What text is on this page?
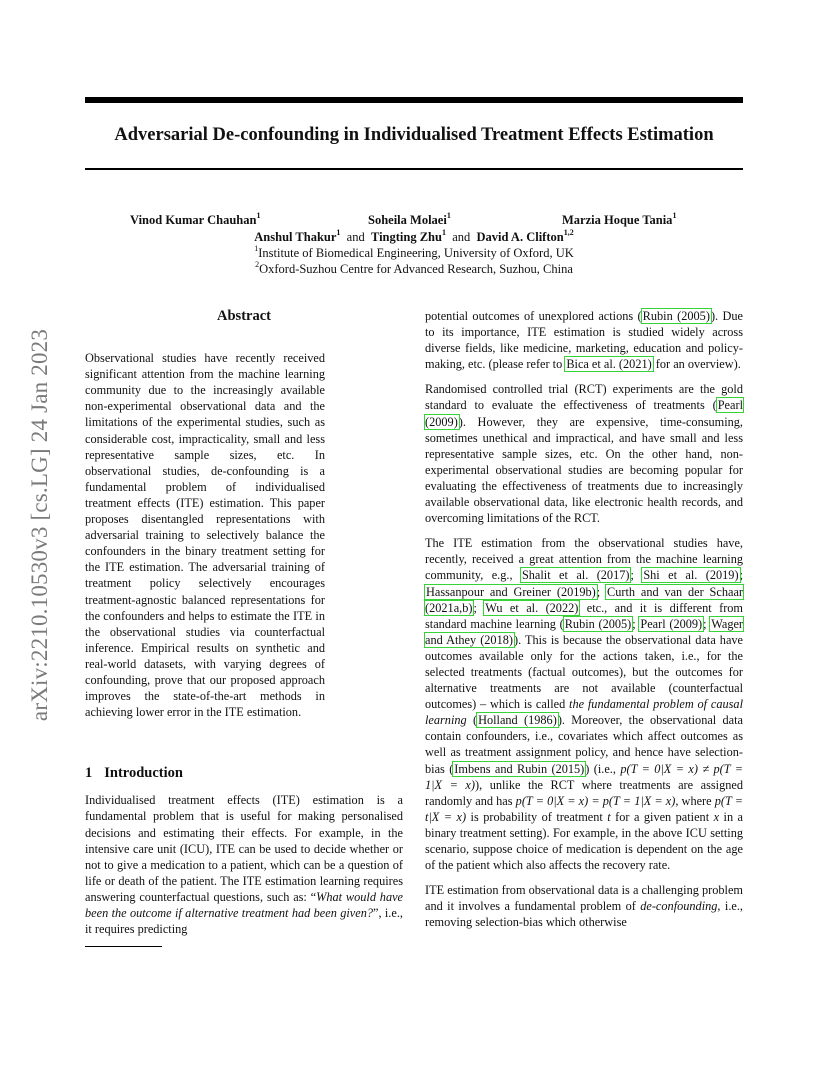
arXiv:2210.10530v3 [cs.LG] 24 Jan 2023
Adversarial De-confounding in Individualised Treatment Effects Estimation
Vinod Kumar Chauhan$^1$	Soheila Molaei$^1$	Marzia Hoque Tania$^1$
Anshul Thakur$^1$ and Tingting Zhu$^1$ and David A. Clifton$^{1,2}$
$^1$Institute of Biomedical Engineering, University of Oxford, UK
$^2$Oxford-Suzhou Centre for Advanced Research, Suzhou, China
Abstract

Observational studies have recently received significant attention from the machine learning community due to the increasingly available non-experimental observational data and the limitations of the experimental studies, such as considerable cost, impracticality, small and less representative sample sizes, etc. In observational studies, de-confounding is a fundamental problem of individualised treatment effects (ITE) estimation. This paper proposes disentangled representations with adversarial training to selectively balance the confounders in the binary treatment setting for the ITE estimation. The adversarial training of treatment policy selectively encourages treatment-agnostic balanced representations for the confounders and helps to estimate the ITE in the observational studies via counterfactual inference. Empirical results on synthetic and real-world datasets, with varying degrees of confounding, prove that our proposed approach improves the state-of-the-art methods in achieving lower error in the ITE estimation.

1 Introduction

Individualised treatment effects (ITE) estimation is a fundamental problem that is useful for making personalised decisions and estimating their effects. For example, in the intensive care unit (ICU), ITE can be used to decide whether or not to give a medication to a patient, which can be a question of life or death of the patient. The ITE estimation learning requires answering counterfactual questions, such as: “What would have been the outcome if alternative treatment had been given?”, i.e., it requires predicting

potential outcomes of unexplored actions (Rubin (2005)). Due to its importance, ITE estimation is studied widely across diverse fields, like medicine, marketing, education and policy-making, etc. (please refer to Bica et al. (2021) for an overview).

Randomised controlled trial (RCT) experiments are the gold standard to evaluate the effectiveness of treatments (Pearl (2009)). However, they are expensive, time-consuming, sometimes unethical and impractical, and have small and less representative sample sizes, etc. On the other hand, non-experimental observational studies are becoming popular for evaluating the effectiveness of treatments due to increasingly available observational data, like electronic health records, and overcoming limitations of the RCT.

The ITE estimation from the observational studies have, recently, received a great attention from the machine learning community, e.g., Shalit et al. (2017); Shi et al. (2019); Hassanpour and Greiner (2019b); Curth and van der Schaar (2021a,b); Wu et al. (2022) etc., and it is different from standard machine learning (Rubin (2005); Pearl (2009); Wager and Athey (2018)). This is because the observational data have outcomes available only for the actions taken, i.e., for the selected treatments (factual outcomes), but the outcomes for alternative treatments are not available (counterfactual outcomes) – which is called the fundamental problem of causal learning (Holland (1986)). Moreover, the observational data contain confounders, i.e., covariates which affect outcomes as well as treatment assignment policy, and hence have selection-bias (Imbens and Rubin (2015)) (i.e., p(T = 0|X = x) ≠ p(T = 1|X = x)), unlike the RCT where treatments are assigned randomly and has p(T = 0|X = x) = p(T = 1|X = x), where p(T = t|X = x) is probability of treatment t for a given patient x in a binary treatment setting). For example, in the above ICU setting scenario, suppose choice of medication is dependent on the age of the patient which also affects the recovery rate.

ITE estimation from observational data is a challenging problem and it involves a fundamental problem of de-confounding, i.e., removing selection-bias which otherwise
